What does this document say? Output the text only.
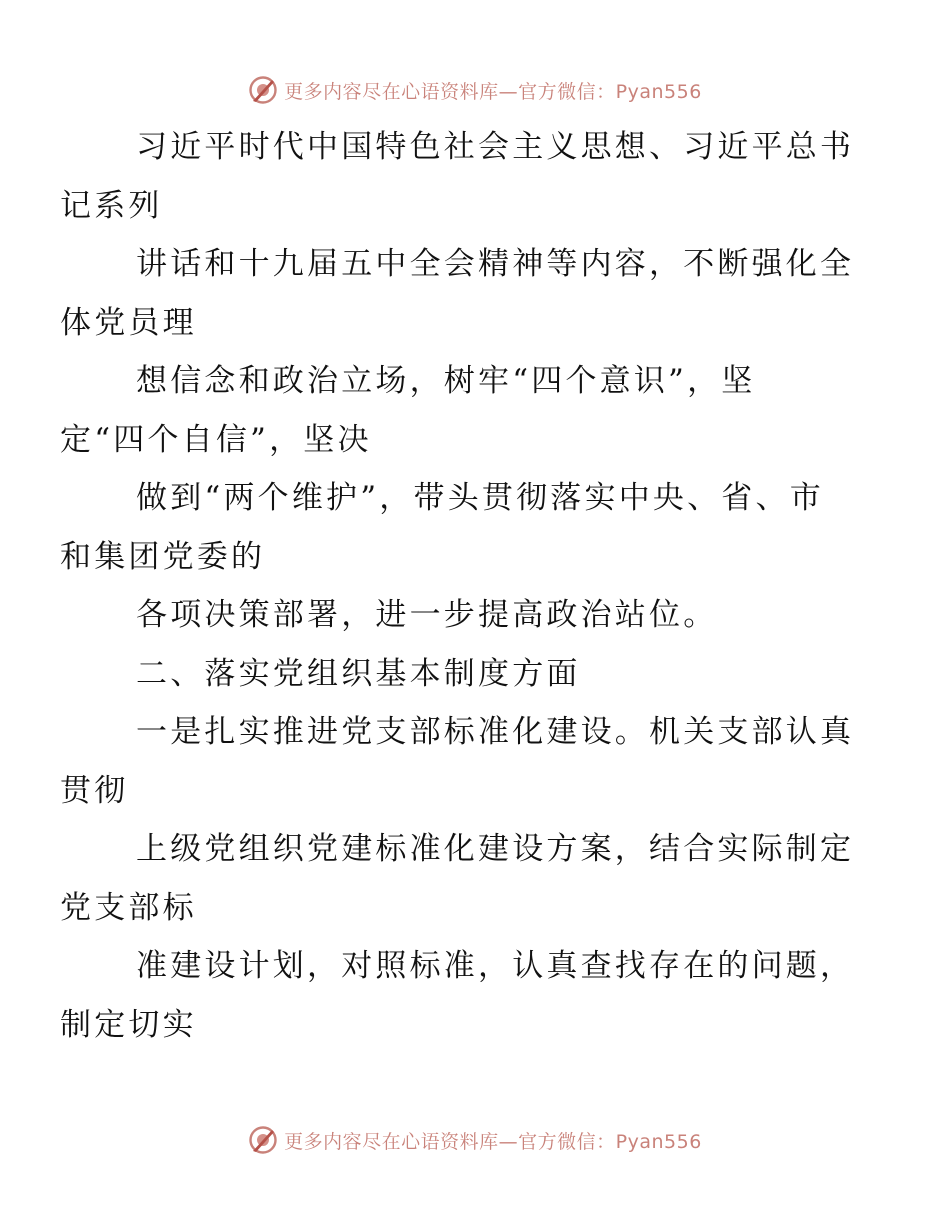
更多内容尽在心语资料库—官方微信：Pyan556

习近平时代中国特色社会主义思想、习近平总书
记系列

讲话和十九届五中全会精神等内容，不断强化全
体党员理

想信念和政治立场，树牢“四个意识”，坚
定“四个自信”，坚决

做到“两个维护”，带头贯彻落实中央、省、市
和集团党委的

各项决策部署，进一步提高政治站位。

二、落实党组织基本制度方面

一是扎实推进党支部标准化建设。机关支部认真
贯彻

上级党组织党建标准化建设方案，结合实际制定
党支部标

准建设计划，对照标准，认真查找存在的问题，
制定切实

更多内容尽在心语资料库—官方微信：Pyan556
